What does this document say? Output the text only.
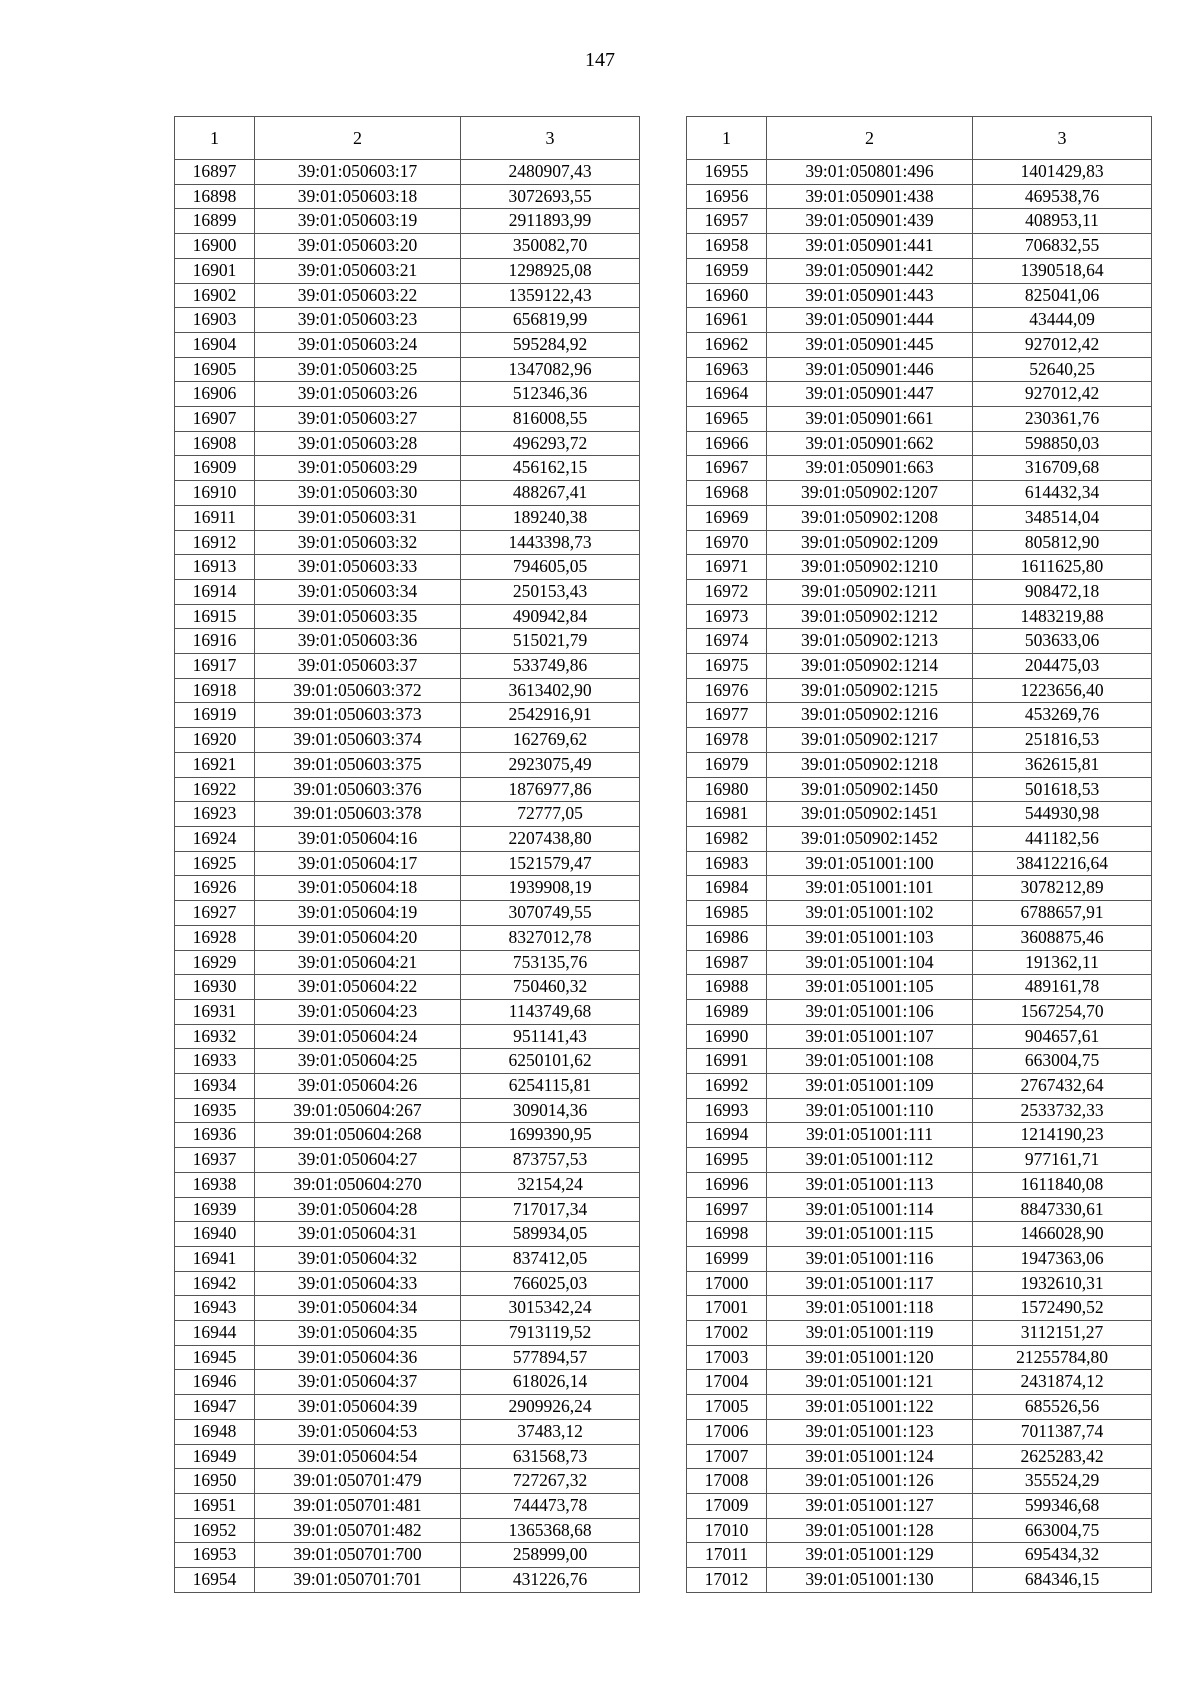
147
1	2	3
16897	39:01:050603:17	2480907,43
16898	39:01:050603:18	3072693,55
16899	39:01:050603:19	2911893,99
16900	39:01:050603:20	350082,70
16901	39:01:050603:21	1298925,08
16902	39:01:050603:22	1359122,43
16903	39:01:050603:23	656819,99
16904	39:01:050603:24	595284,92
16905	39:01:050603:25	1347082,96
16906	39:01:050603:26	512346,36
16907	39:01:050603:27	816008,55
16908	39:01:050603:28	496293,72
16909	39:01:050603:29	456162,15
16910	39:01:050603:30	488267,41
16911	39:01:050603:31	189240,38
16912	39:01:050603:32	1443398,73
16913	39:01:050603:33	794605,05
16914	39:01:050603:34	250153,43
16915	39:01:050603:35	490942,84
16916	39:01:050603:36	515021,79
16917	39:01:050603:37	533749,86
16918	39:01:050603:372	3613402,90
16919	39:01:050603:373	2542916,91
16920	39:01:050603:374	162769,62
16921	39:01:050603:375	2923075,49
16922	39:01:050603:376	1876977,86
16923	39:01:050603:378	72777,05
16924	39:01:050604:16	2207438,80
16925	39:01:050604:17	1521579,47
16926	39:01:050604:18	1939908,19
16927	39:01:050604:19	3070749,55
16928	39:01:050604:20	8327012,78
16929	39:01:050604:21	753135,76
16930	39:01:050604:22	750460,32
16931	39:01:050604:23	1143749,68
16932	39:01:050604:24	951141,43
16933	39:01:050604:25	6250101,62
16934	39:01:050604:26	6254115,81
16935	39:01:050604:267	309014,36
16936	39:01:050604:268	1699390,95
16937	39:01:050604:27	873757,53
16938	39:01:050604:270	32154,24
16939	39:01:050604:28	717017,34
16940	39:01:050604:31	589934,05
16941	39:01:050604:32	837412,05
16942	39:01:050604:33	766025,03
16943	39:01:050604:34	3015342,24
16944	39:01:050604:35	7913119,52
16945	39:01:050604:36	577894,57
16946	39:01:050604:37	618026,14
16947	39:01:050604:39	2909926,24
16948	39:01:050604:53	37483,12
16949	39:01:050604:54	631568,73
16950	39:01:050701:479	727267,32
16951	39:01:050701:481	744473,78
16952	39:01:050701:482	1365368,68
16953	39:01:050701:700	258999,00
16954	39:01:050701:701	431226,76
1	2	3
16955	39:01:050801:496	1401429,83
16956	39:01:050901:438	469538,76
16957	39:01:050901:439	408953,11
16958	39:01:050901:441	706832,55
16959	39:01:050901:442	1390518,64
16960	39:01:050901:443	825041,06
16961	39:01:050901:444	43444,09
16962	39:01:050901:445	927012,42
16963	39:01:050901:446	52640,25
16964	39:01:050901:447	927012,42
16965	39:01:050901:661	230361,76
16966	39:01:050901:662	598850,03
16967	39:01:050901:663	316709,68
16968	39:01:050902:1207	614432,34
16969	39:01:050902:1208	348514,04
16970	39:01:050902:1209	805812,90
16971	39:01:050902:1210	1611625,80
16972	39:01:050902:1211	908472,18
16973	39:01:050902:1212	1483219,88
16974	39:01:050902:1213	503633,06
16975	39:01:050902:1214	204475,03
16976	39:01:050902:1215	1223656,40
16977	39:01:050902:1216	453269,76
16978	39:01:050902:1217	251816,53
16979	39:01:050902:1218	362615,81
16980	39:01:050902:1450	501618,53
16981	39:01:050902:1451	544930,98
16982	39:01:050902:1452	441182,56
16983	39:01:051001:100	38412216,64
16984	39:01:051001:101	3078212,89
16985	39:01:051001:102	6788657,91
16986	39:01:051001:103	3608875,46
16987	39:01:051001:104	191362,11
16988	39:01:051001:105	489161,78
16989	39:01:051001:106	1567254,70
16990	39:01:051001:107	904657,61
16991	39:01:051001:108	663004,75
16992	39:01:051001:109	2767432,64
16993	39:01:051001:110	2533732,33
16994	39:01:051001:111	1214190,23
16995	39:01:051001:112	977161,71
16996	39:01:051001:113	1611840,08
16997	39:01:051001:114	8847330,61
16998	39:01:051001:115	1466028,90
16999	39:01:051001:116	1947363,06
17000	39:01:051001:117	1932610,31
17001	39:01:051001:118	1572490,52
17002	39:01:051001:119	3112151,27
17003	39:01:051001:120	21255784,80
17004	39:01:051001:121	2431874,12
17005	39:01:051001:122	685526,56
17006	39:01:051001:123	7011387,74
17007	39:01:051001:124	2625283,42
17008	39:01:051001:126	355524,29
17009	39:01:051001:127	599346,68
17010	39:01:051001:128	663004,75
17011	39:01:051001:129	695434,32
17012	39:01:051001:130	684346,15
